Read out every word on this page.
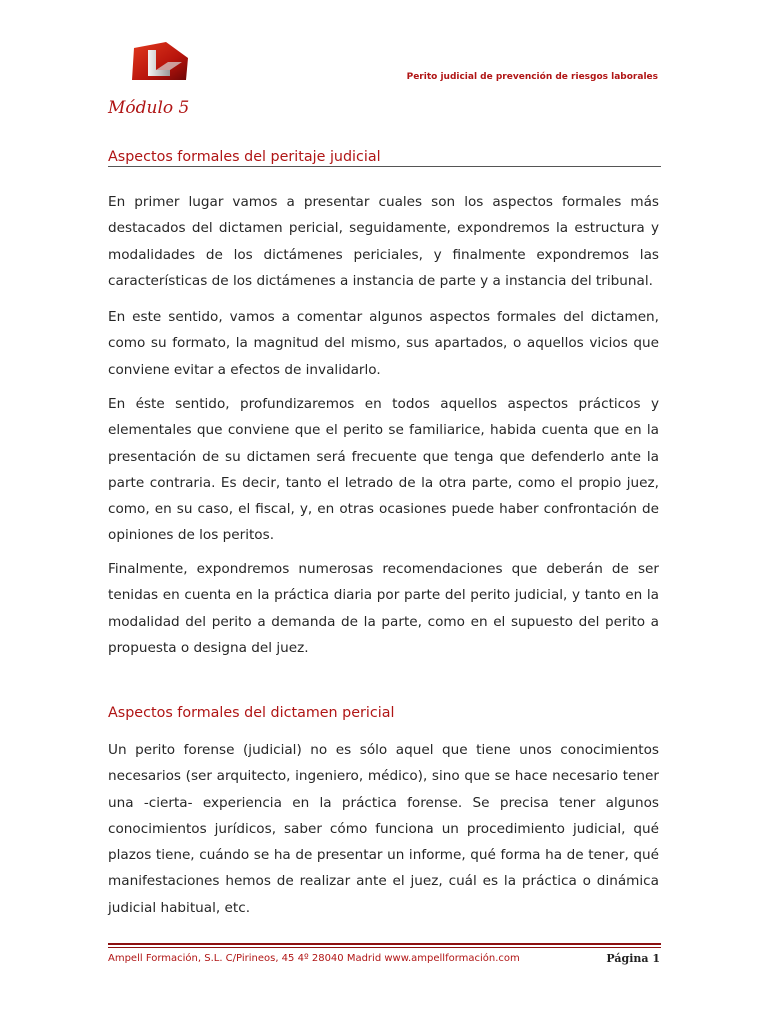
Perito judicial de prevención de riesgos laborales
Módulo 5
Aspectos formales del peritaje judicial

En primer lugar vamos a presentar cuales son los aspectos formales más destacados del dictamen pericial, seguidamente, expondremos la estructura y modalidades de los dictámenes periciales, y finalmente expondremos las características de los dictámenes a instancia de parte y a instancia del tribunal.

En este sentido, vamos a comentar algunos aspectos formales del dictamen, como su formato, la magnitud del mismo, sus apartados, o aquellos vicios que conviene evitar a efectos de invalidarlo.

En éste sentido, profundizaremos en todos aquellos aspectos prácticos y elementales que conviene que el perito se familiarice, habida cuenta que en la presentación de su dictamen será frecuente que tenga que defenderlo ante la parte contraria. Es decir, tanto el letrado de la otra parte, como el propio juez, como, en su caso, el fiscal, y, en otras ocasiones puede haber confrontación de opiniones de los peritos.

Finalmente, expondremos numerosas recomendaciones que deberán de ser tenidas en cuenta en la práctica diaria por parte del perito judicial, y tanto en la modalidad del perito a demanda de la parte, como en el supuesto del perito a propuesta o designa del juez.

Aspectos formales del dictamen pericial

Un perito forense (judicial) no es sólo aquel que tiene unos conocimientos necesarios (ser arquitecto, ingeniero, médico), sino que se hace necesario tener una -cierta- experiencia en la práctica forense. Se precisa tener algunos conocimientos jurídicos, saber cómo funciona un procedimiento judicial, qué plazos tiene, cuándo se ha de presentar un informe, qué forma ha de tener, qué manifestaciones hemos de realizar ante el juez, cuál es la práctica o dinámica judicial habitual, etc.

Ampell Formación, S.L. C/Pirineos, 45 4º 28040 Madrid www.ampellformación.com	Página 1
